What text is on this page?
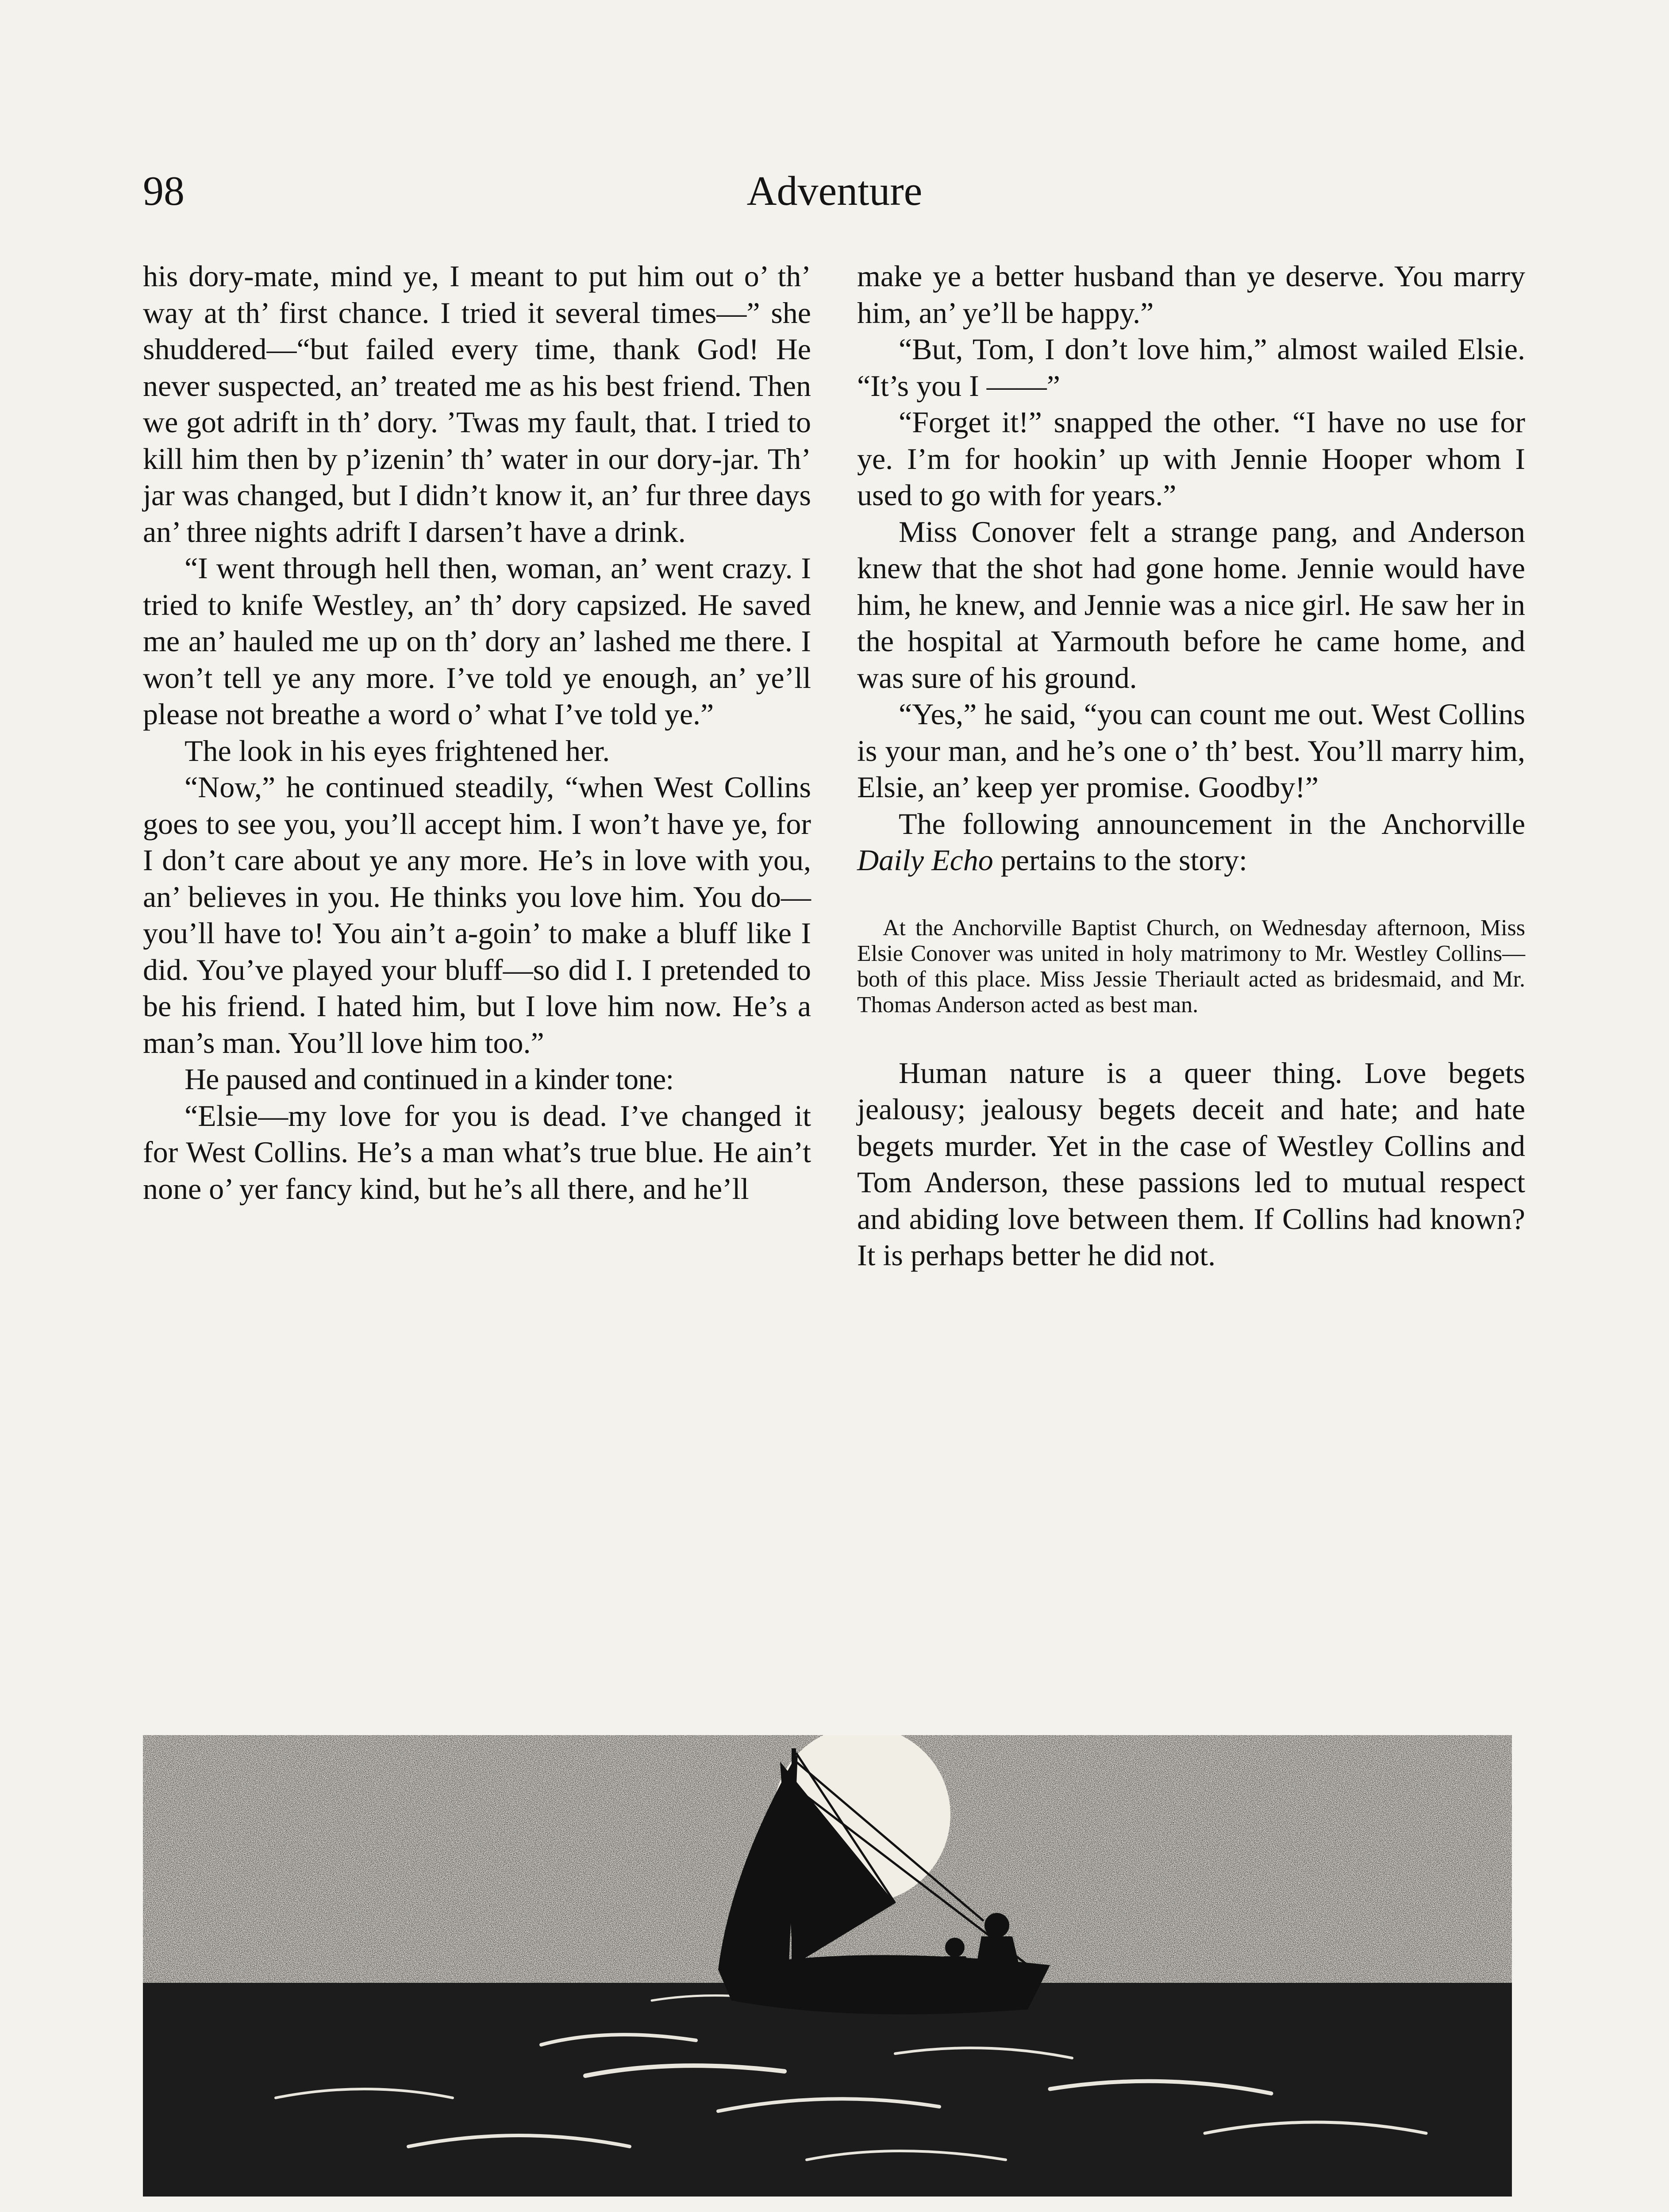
98	Adventure

his dory-mate, mind ye, I meant to put him out o’ th’ way at th’ first chance. I tried it several times—” she shuddered—“but failed every time, thank God! He never suspected, an’ treated me as his best friend. Then we got adrift in th’ dory. ’Twas my fault, that. I tried to kill him then by p’izenin’ th’ water in our dory-jar. Th’ jar was changed, but I didn’t know it, an’ fur three days an’ three nights adrift I darsen’t have a drink.

“I went through hell then, woman, an’ went crazy. I tried to knife Westley, an’ th’ dory capsized. He saved me an’ hauled me up on th’ dory an’ lashed me there. I won’t tell ye any more. I’ve told ye enough, an’ ye’ll please not breathe a word o’ what I’ve told ye.”

The look in his eyes frightened her.

“Now,” he continued steadily, “when West Collins goes to see you, you’ll accept him. I won’t have ye, for I don’t care about ye any more. He’s in love with you, an’ believes in you. He thinks you love him. You do—you’ll have to! You ain’t a-goin’ to make a bluff like I did. You’ve played your bluff—so did I. I pretended to be his friend. I hated him, but I love him now. He’s a man’s man. You’ll love him too.”

He paused and continued in a kinder tone:

“Elsie—my love for you is dead. I’ve changed it for West Collins. He’s a man what’s true blue. He ain’t none o’ yer fancy kind, but he’s all there, and he’ll

make ye a better husband than ye deserve. You marry him, an’ ye’ll be happy.”

“But, Tom, I don’t love him,” almost wailed Elsie. “It’s you I ——”

“Forget it!” snapped the other. “I have no use for ye. I’m for hookin’ up with Jennie Hooper whom I used to go with for years.”

Miss Conover felt a strange pang, and Anderson knew that the shot had gone home. Jennie would have him, he knew, and Jennie was a nice girl. He saw her in the hospital at Yarmouth before he came home, and was sure of his ground.

“Yes,” he said, “you can count me out. West Collins is your man, and he’s one o’ th’ best. You’ll marry him, Elsie, an’ keep yer promise. Goodby!”

The following announcement in the Anchorville Daily Echo pertains to the story:

At the Anchorville Baptist Church, on Wednesday afternoon, Miss Elsie Conover was united in holy matrimony to Mr. Westley Collins—both of this place. Miss Jessie Theriault acted as bridesmaid, and Mr. Thomas Anderson acted as best man.

Human nature is a queer thing. Love begets jealousy; jealousy begets deceit and hate; and hate begets murder. Yet in the case of Westley Collins and Tom Anderson, these passions led to mutual respect and abiding love between them. If Collins had known? It is perhaps better he did not.
